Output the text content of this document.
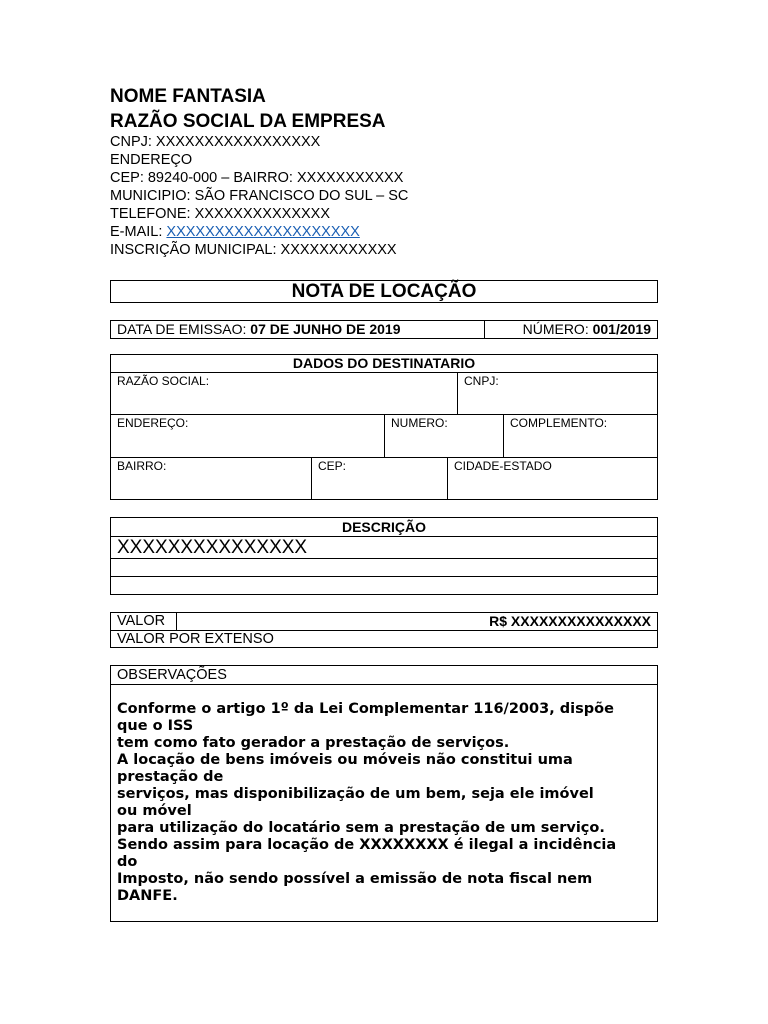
NOME FANTASIA
RAZÃO SOCIAL DA EMPRESA
CNPJ: XXXXXXXXXXXXXXXXX
ENDEREÇO
CEP: 89240-000 – BAIRRO: XXXXXXXXXXX
MUNICIPIO: SÃO FRANCISCO DO SUL – SC
TELEFONE: XXXXXXXXXXXXXX
E-MAIL: XXXXXXXXXXXXXXXXXXXX
INSCRIÇÃO MUNICIPAL: XXXXXXXXXXXX
NOTA DE LOCAÇÃO
DATA DE EMISSAO: 07 DE JUNHO DE 2019	NÚMERO: 001/2019
DADOS DO DESTINATARIO
RAZÃO SOCIAL:	CNPJ:
ENDEREÇO:	NUMERO:	COMPLEMENTO:
BAIRRO:	CEP:	CIDADE-ESTADO
DESCRIÇÃO
XXXXXXXXXXXXXXX
VALOR	R$ XXXXXXXXXXXXXXX
VALOR POR EXTENSO
OBSERVAÇÕES
Conforme o artigo 1º da Lei Complementar 116/2003, dispõe
que o ISS
tem como fato gerador a prestação de serviços.
A locação de bens imóveis ou móveis não constitui uma
prestação de
serviços, mas disponibilização de um bem, seja ele imóvel
ou móvel
para utilização do locatário sem a prestação de um serviço.
Sendo assim para locação de XXXXXXXX é ilegal a incidência
do
Imposto, não sendo possível a emissão de nota fiscal nem
DANFE.
